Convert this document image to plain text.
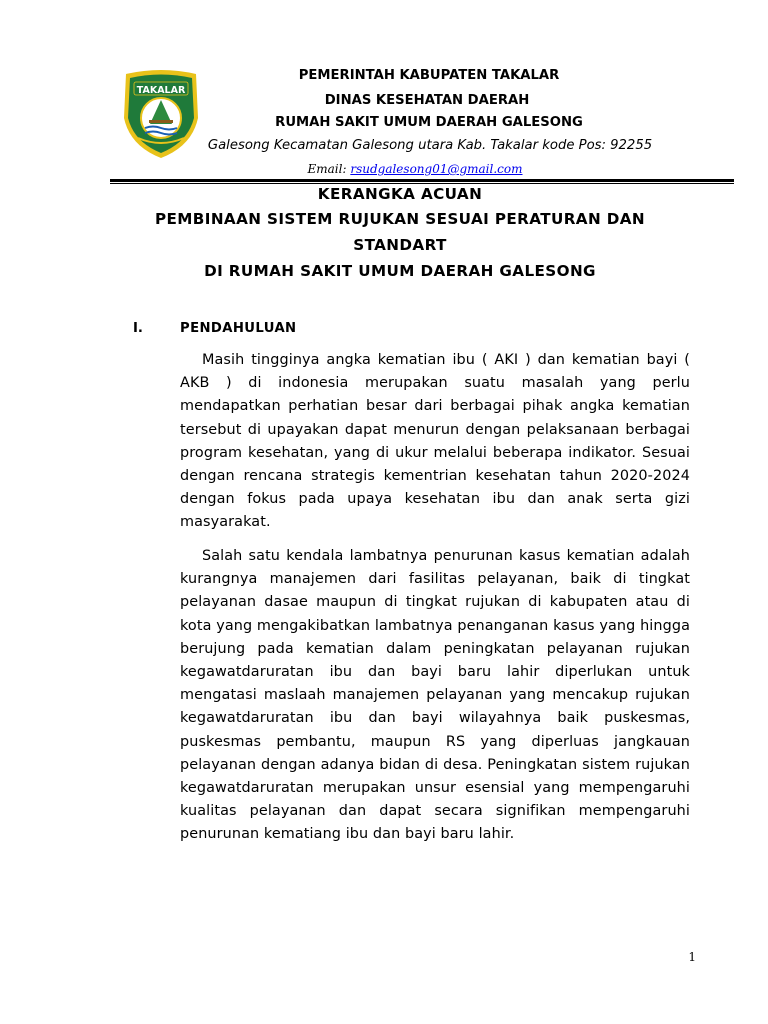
TAKALAR
PEMERINTAH KABUPATEN TAKALAR
DINAS KESEHATAN DAERAH
RUMAH SAKIT UMUM DAERAH GALESONG
Galesong Kecamatan Galesong utara Kab. Takalar kode Pos: 92255
Email: rsudgalesong01@gmail.com
KERANGKA ACUAN
PEMBINAAN SISTEM RUJUKAN SESUAI PERATURAN DAN
STANDART
DI RUMAH SAKIT UMUM DAERAH GALESONG
I.	PENDAHULUAN

Masih tingginya angka kematian ibu ( AKI ) dan kematian bayi ( AKB ) di indonesia merupakan suatu masalah yang perlu mendapatkan perhatian besar dari berbagai pihak angka kematian tersebut di upayakan dapat menurun dengan pelaksanaan berbagai program kesehatan, yang di ukur melalui beberapa indikator. Sesuai dengan rencana strategis kementrian kesehatan tahun 2020-2024 dengan fokus pada upaya kesehatan ibu dan anak serta gizi masyarakat.

Salah satu kendala lambatnya penurunan kasus kematian adalah kurangnya manajemen dari fasilitas pelayanan, baik di tingkat pelayanan dasae maupun di tingkat rujukan di kabupaten atau di kota yang mengakibatkan lambatnya penanganan kasus yang hingga berujung pada kematian dalam peningkatan pelayanan rujukan kegawatdaruratan ibu dan bayi baru lahir diperlukan untuk mengatasi maslaah manajemen pelayanan yang mencakup rujukan kegawatdaruratan ibu dan bayi wilayahnya baik puskesmas, puskesmas pembantu, maupun RS yang diperluas jangkauan pelayanan dengan adanya bidan di desa. Peningkatan sistem rujukan kegawatdaruratan merupakan unsur esensial yang mempengaruhi kualitas pelayanan dan dapat secara signifikan mempengaruhi penurunan kematiang ibu dan bayi baru lahir.

1
